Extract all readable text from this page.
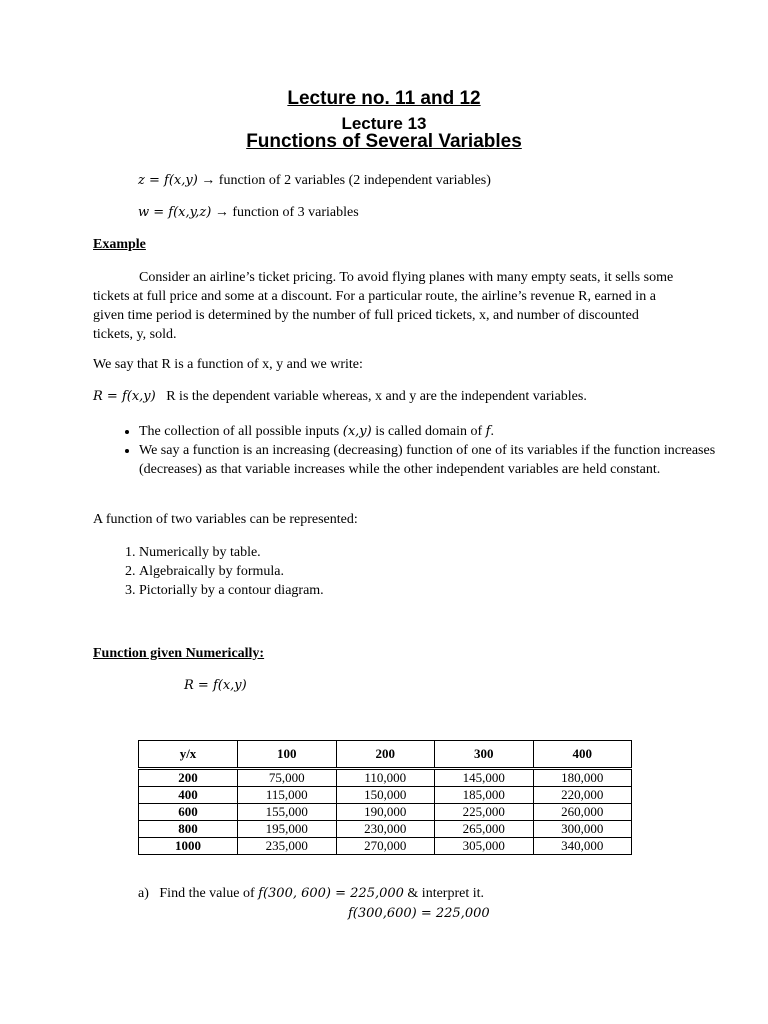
Lecture no. 11 and 12
Lecture 13
Functions of Several Variables
z = f(x,y) → function of 2 variables (2 independent variables)
w = f(x,y,z) → function of 3 variables
Example
Consider an airline’s ticket pricing. To avoid flying planes with many empty seats, it sells some tickets at full price and some at a discount. For a particular route, the airline’s revenue R, earned in a given time period is determined by the number of full priced tickets, x, and number of discounted tickets, y, sold.
We say that R is a function of x, y and we write:
R = f(x,y) R is the dependent variable whereas, x and y are the independent variables.
• The collection of all possible inputs (x,y) is called domain of f.
• We say a function is an increasing (decreasing) function of one of its variables if the function increases (decreases) as that variable increases while the other independent variables are held constant.
A function of two variables can be represented:
1. Numerically by table.
2. Algebraically by formula.
3. Pictorially by a contour diagram.
Function given Numerically:
R = f(x,y)
y/x	100	200	300	400
200	75,000	110,000	145,000	180,000
400	115,000	150,000	185,000	220,000
600	155,000	190,000	225,000	260,000
800	195,000	230,000	265,000	300,000
1000	235,000	270,000	305,000	340,000
a) Find the value of f(300, 600) = 225,000 & interpret it.
f(300,600) = 225,000
